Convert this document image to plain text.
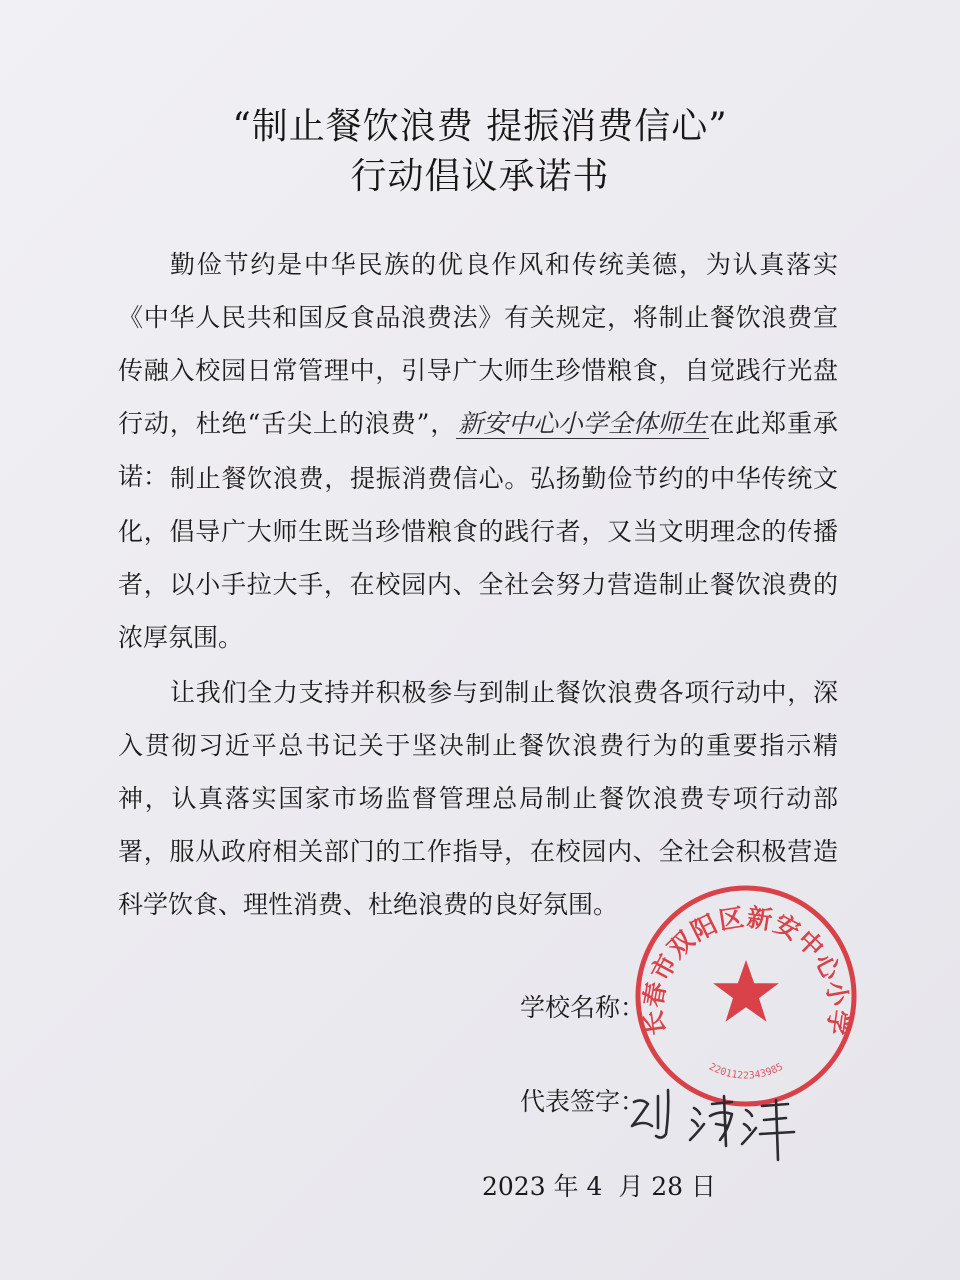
“制止餐饮浪费 提振消费信心”
行动倡议承诺书

勤俭节约是中华民族的优良作风和传统美德，为认真落实《中华人民共和国反食品浪费法》有关规定，将制止餐饮浪费宣传融入校园日常管理中，引导广大师生珍惜粮食，自觉践行光盘行动，杜绝“舌尖上的浪费”，新安中心小学全体师生在此郑重承诺： 制止餐饮浪费，提振消费信心。弘扬勤俭节约的中华传统文化，倡导广大师生既当珍惜粮食的践行者，又当文明理念的传播者，以小手拉大手，在校园内、全社会努力营造制止餐饮浪费的浓厚氛围。

让我们全力支持并积极参与到制止餐饮浪费各项行动中，深入贯彻习近平总书记关于坚决制止餐饮浪费行为的重要指示精神，认真落实国家市场监督管理总局制止餐饮浪费专项行动部署，服从政府相关部门的工作指导，在校园内、全社会积极营造科学饮食、理性消费、杜绝浪费的良好氛围。

学校名称：
代表签字：
长春市双阳区新安中心小学
2201122343985
2023 年 4  月 28 日
